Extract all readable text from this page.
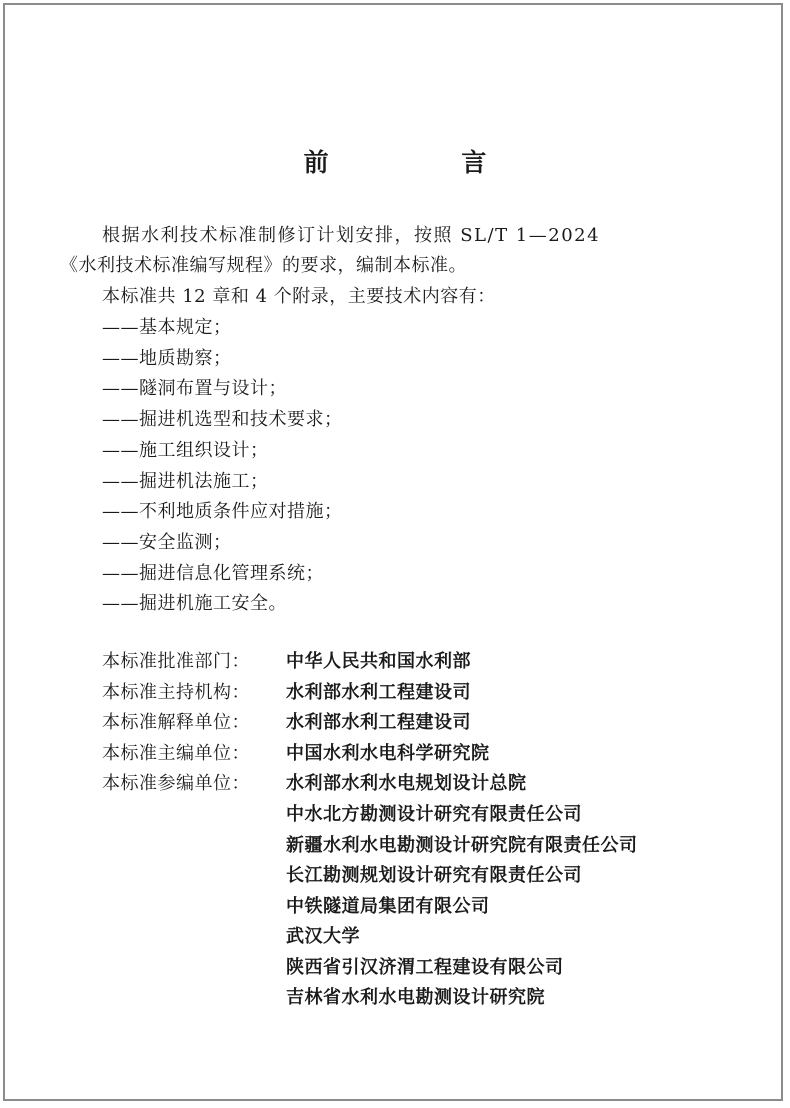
前 言
根据水利技术标准制修订计划安排，按照 SL/T 1—2024
《水利技术标准编写规程》的要求，编制本标准。
本标准共 12 章和 4 个附录，主要技术内容有：
——基本规定；
——地质勘察；
——隧洞布置与设计；
——掘进机选型和技术要求；
——施工组织设计；
——掘进机法施工；
——不利地质条件应对措施；
——安全监测；
——掘进信息化管理系统；
——掘进机施工安全。
本标准批准部门：	中华人民共和国水利部
本标准主持机构：	水利部水利工程建设司
本标准解释单位：	水利部水利工程建设司
本标准主编单位：	中国水利水电科学研究院
本标准参编单位：	水利部水利水电规划设计总院
中水北方勘测设计研究有限责任公司
新疆水利水电勘测设计研究院有限责任公司
长江勘测规划设计研究有限责任公司
中铁隧道局集团有限公司
武汉大学
陕西省引汉济渭工程建设有限公司
吉林省水利水电勘测设计研究院
